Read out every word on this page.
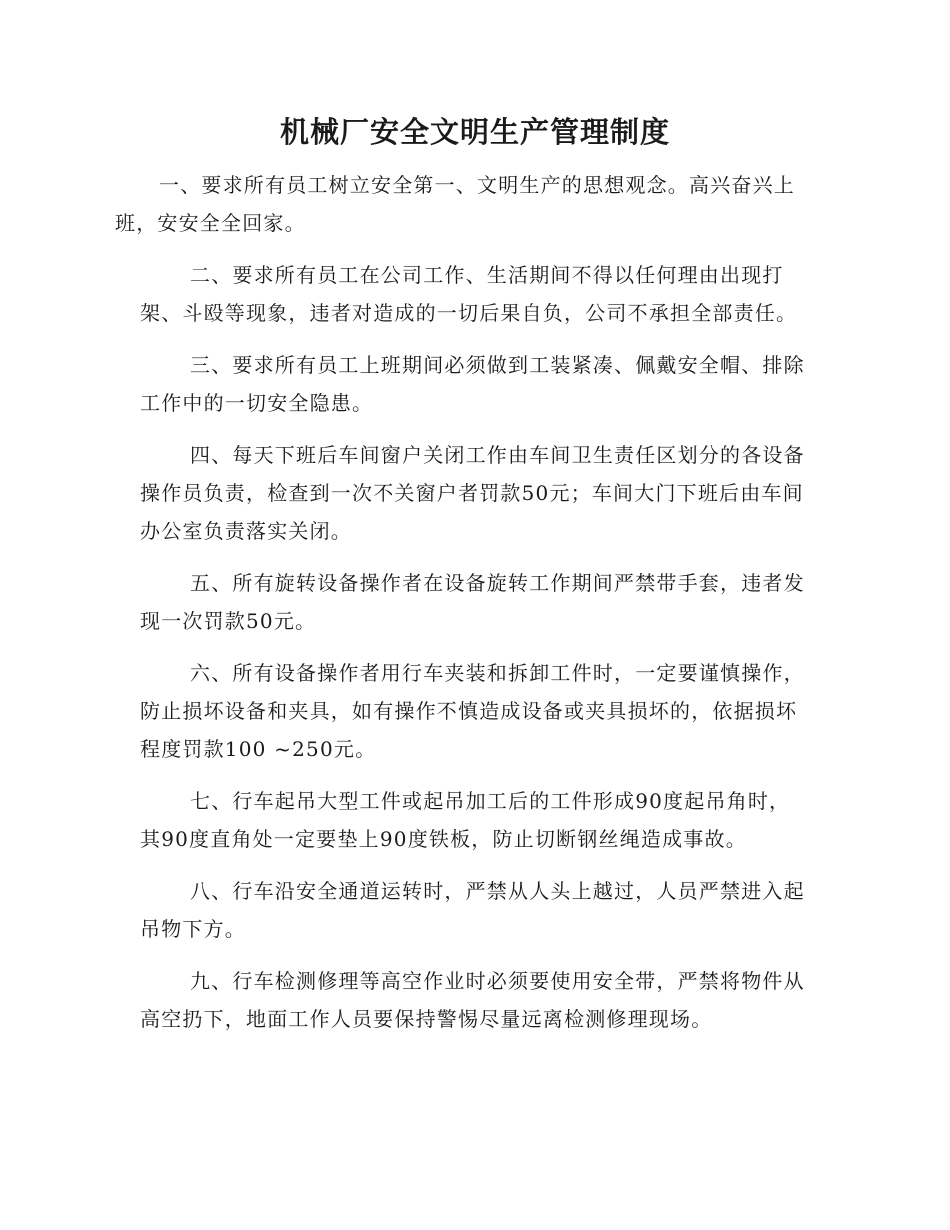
机械厂安全文明生产管理制度

一、要求所有员工树立安全第一、文明生产的思想观念。高兴奋兴上班，安安全全回家。

二、要求所有员工在公司工作、生活期间不得以任何理由出现打架、斗殴等现象，违者对造成的一切后果自负，公司不承担全部责任。

三、要求所有员工上班期间必须做到工装紧凑、佩戴安全帽、排除工作中的一切安全隐患。

四、每天下班后车间窗户关闭工作由车间卫生责任区划分的各设备操作员负责，检查到一次不关窗户者罚款50元；车间大门下班后由车间办公室负责落实关闭。

五、所有旋转设备操作者在设备旋转工作期间严禁带手套，违者发现一次罚款50元。

六、所有设备操作者用行车夹装和拆卸工件时，一定要谨慎操作，防止损坏设备和夹具，如有操作不慎造成设备或夹具损坏的，依据损坏程度罚款100 ~250元。

七、行车起吊大型工件或起吊加工后的工件形成90度起吊角时，其90度直角处一定要垫上90度铁板，防止切断钢丝绳造成事故。

八、行车沿安全通道运转时，严禁从人头上越过，人员严禁进入起吊物下方。

九、行车检测修理等高空作业时必须要使用安全带，严禁将物件从高空扔下，地面工作人员要保持警惕尽量远离检测修理现场。
